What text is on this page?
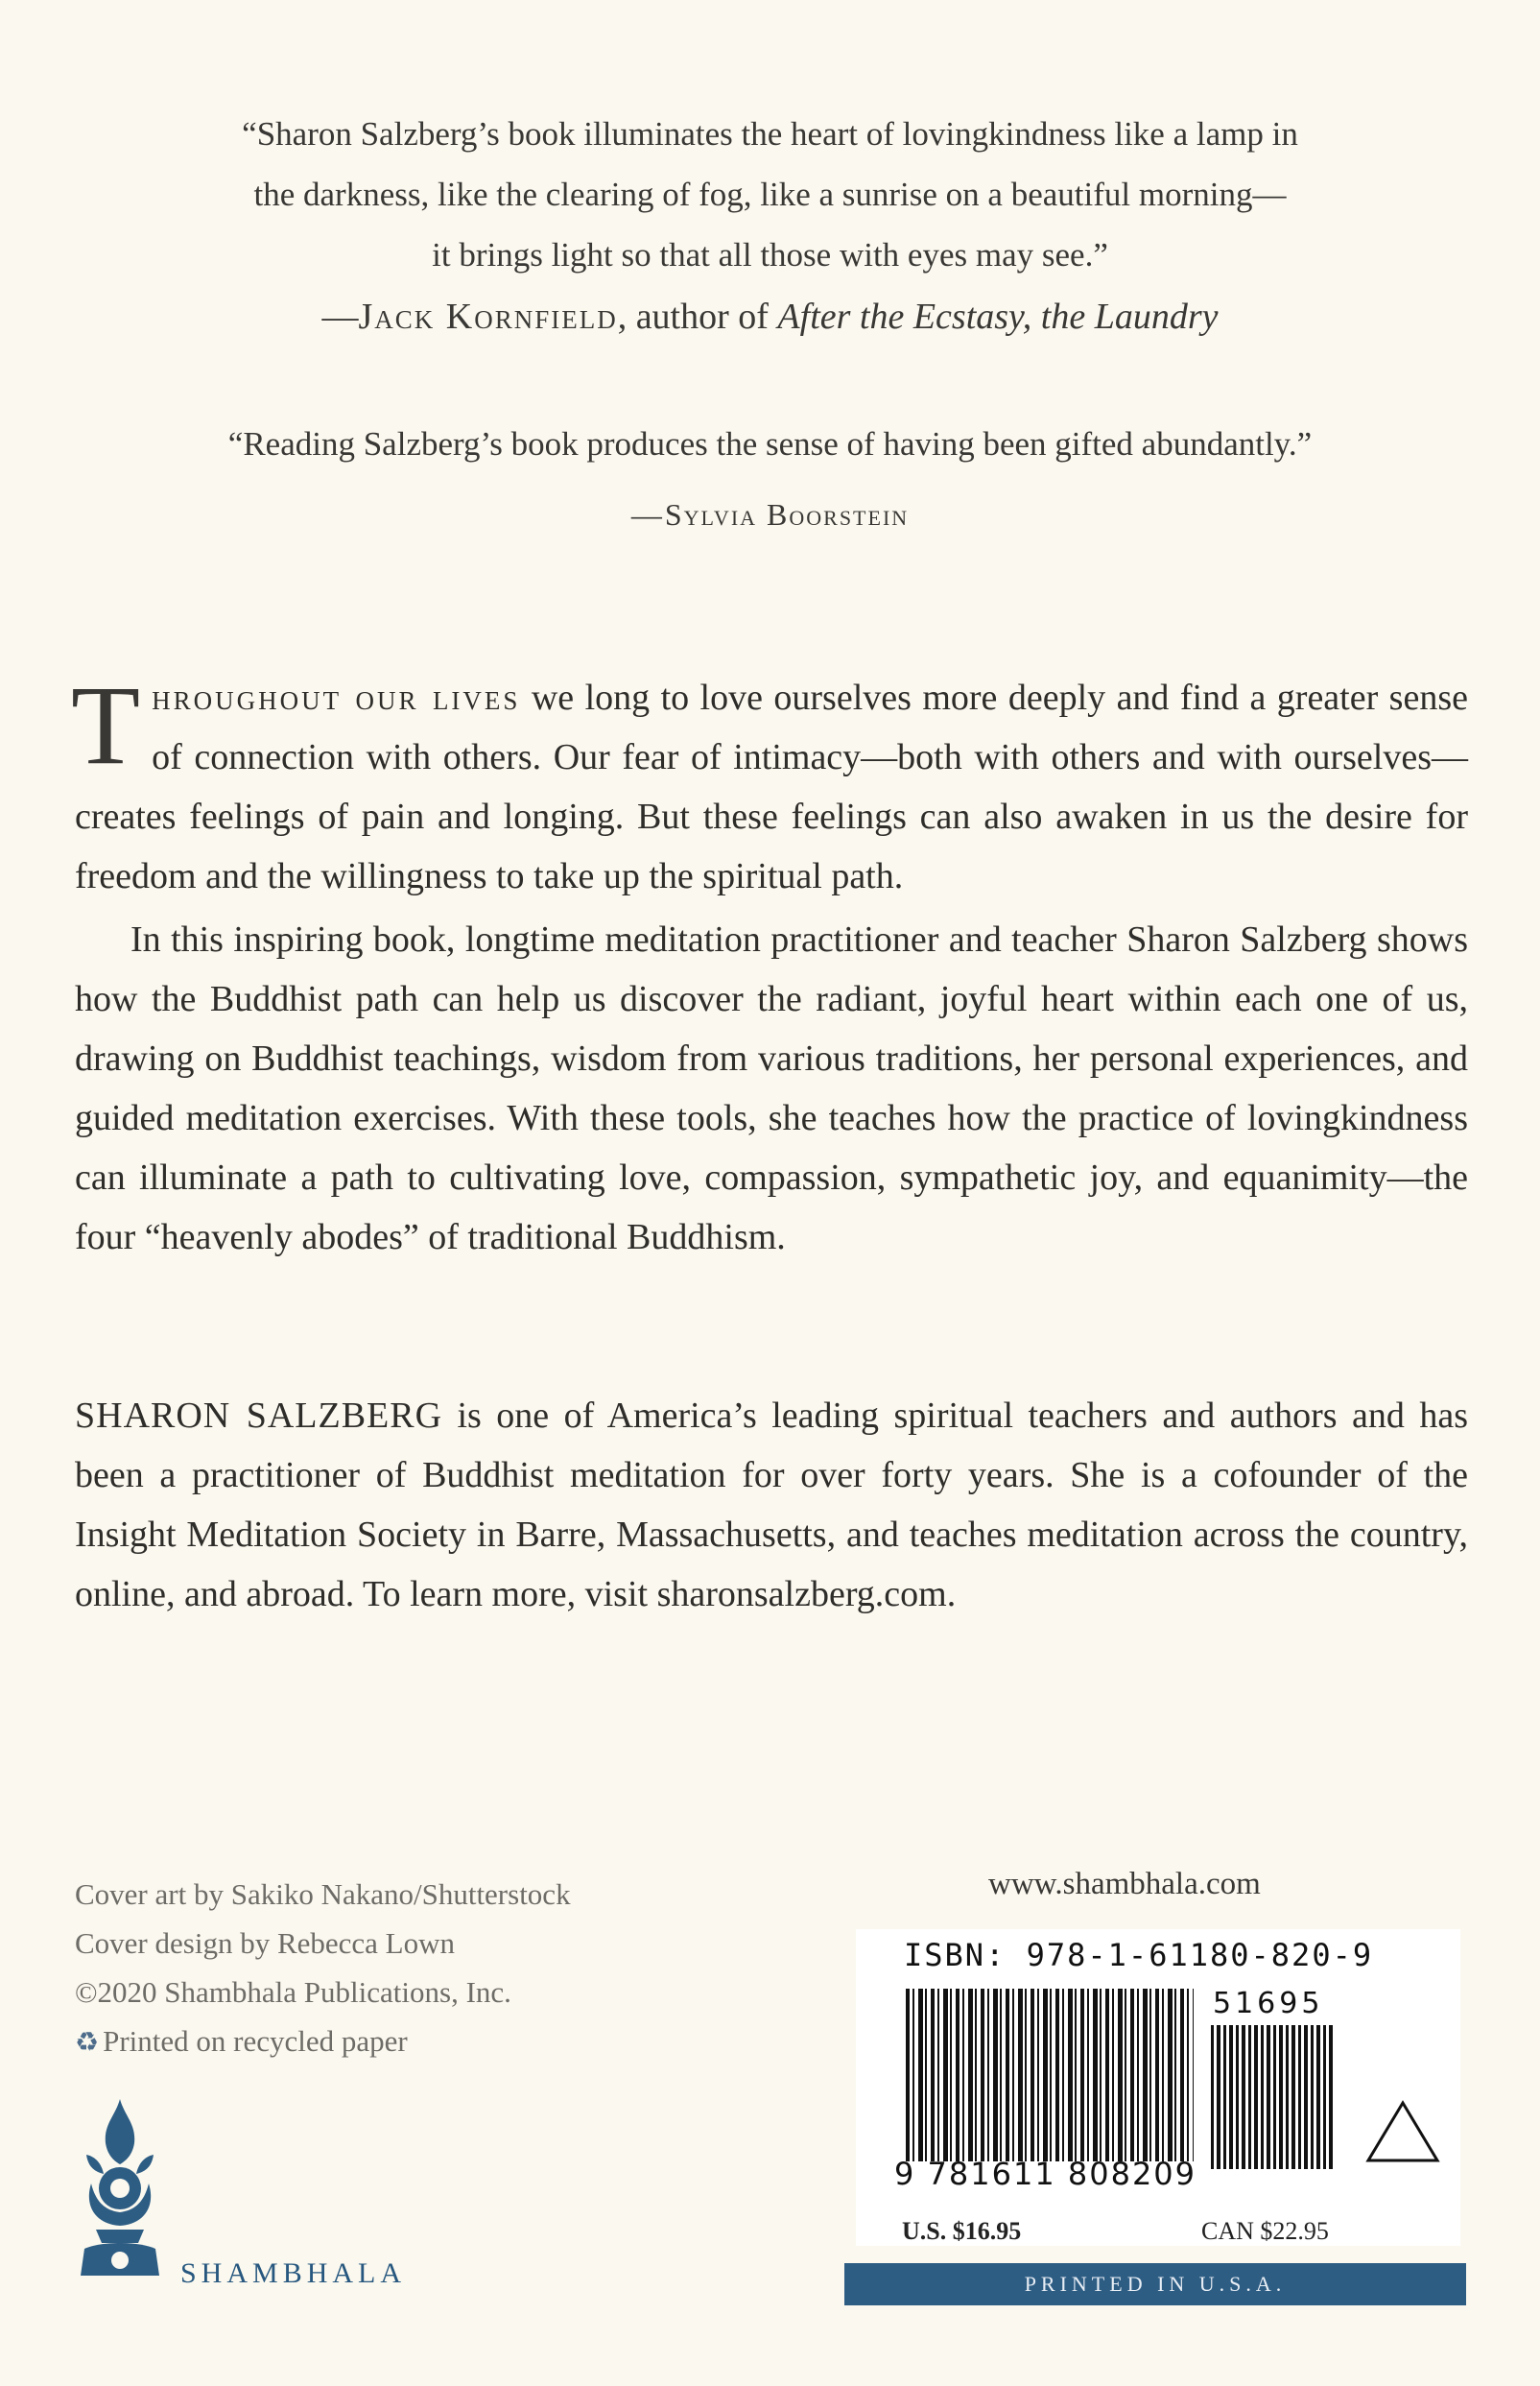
“Sharon Salzberg’s book illuminates the heart of lovingkindness like a lamp in
the darkness, like the clearing of fog, like a sunrise on a beautiful morning—
it brings light so that all those with eyes may see.”
—Jack Kornfield, author of After the Ecstasy, the Laundry
“Reading Salzberg’s book produces the sense of having been gifted abundantly.”
—Sylvia Boorstein
Throughout our lives we long to love ourselves more deeply and find a greater sense of connection with others. Our fear of intimacy—both with others and with ourselves—creates feelings of pain and longing. But these feelings can also awaken in us the desire for freedom and the willingness to take up the spiritual path.
In this inspiring book, longtime meditation practitioner and teacher Sharon Salzberg shows how the Buddhist path can help us discover the radiant, joyful heart within each one of us, drawing on Buddhist teachings, wisdom from various traditions, her personal experiences, and guided meditation exercises. With these tools, she teaches how the practice of lovingkindness can illuminate a path to cultivating love, compassion, sympathetic joy, and equanimity—the four “heavenly abodes” of traditional Buddhism.
SHARON SALZBERG is one of America’s leading spiritual teachers and authors and has been a practitioner of Buddhist meditation for over forty years. She is a cofounder of the Insight Meditation Society in Barre, Massachusetts, and teaches meditation across the country, online, and abroad. To learn more, visit sharonsalzberg.com.
Cover art by Sakiko Nakano/Shutterstock
Cover design by Rebecca Lown
©2020 Shambhala Publications, Inc.
♻ Printed on recycled paper
www.shambhala.com
ISBN: 978-1-61180-820-9
51695
9 781611 808209
U.S. $16.95	CAN $22.95
PRINTED IN U.S.A.
SHAMBHALA
